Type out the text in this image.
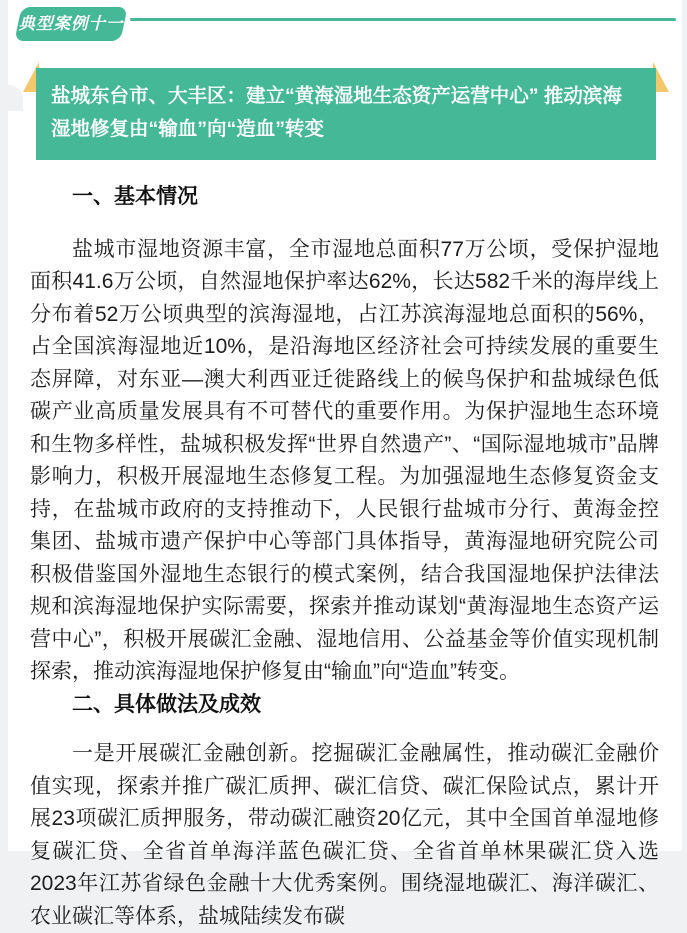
典型案例十一
盐城东台市、大丰区：建立“黄海湿地生态资产运营中心” 推动滨海湿地修复由“输血”向“造血”转变
一、基本情况

盐城市湿地资源丰富，全市湿地总面积77万公顷，受保护湿地面积41.6万公顷，自然湿地保护率达62%，长达582千米的海岸线上分布着52万公顷典型的滨海湿地，占江苏滨海湿地总面积的56%，占全国滨海湿地近10%，是沿海地区经济社会可持续发展的重要生态屏障，对东亚—澳大利西亚迁徙路线上的候鸟保护和盐城绿色低碳产业高质量发展具有不可替代的重要作用。为保护湿地生态环境和生物多样性，盐城积极发挥“世界自然遗产”、“国际湿地城市”品牌影响力，积极开展湿地生态修复工程。为加强湿地生态修复资金支持，在盐城市政府的支持推动下，人民银行盐城市分行、黄海金控集团、盐城市遗产保护中心等部门具体指导，黄海湿地研究院公司积极借鉴国外湿地生态银行的模式案例，结合我国湿地保护法律法规和滨海湿地保护实际需要，探索并推动谋划“黄海湿地生态资产运营中心”，积极开展碳汇金融、湿地信用、公益基金等价值实现机制探索，推动滨海湿地保护修复由“输血”向“造血”转变。

二、具体做法及成效

一是开展碳汇金融创新。挖掘碳汇金融属性，推动碳汇金融价值实现，探索并推广碳汇质押、碳汇信贷、碳汇保险试点，累计开展23项碳汇质押服务，带动碳汇融资20亿元，其中全国首单湿地修复碳汇贷、全省首单海洋蓝色碳汇贷、全省首单林果碳汇贷入选2023年江苏省绿色金融十大优秀案例。围绕湿地碳汇、海洋碳汇、农业碳汇等体系，盐城陆续发布碳
